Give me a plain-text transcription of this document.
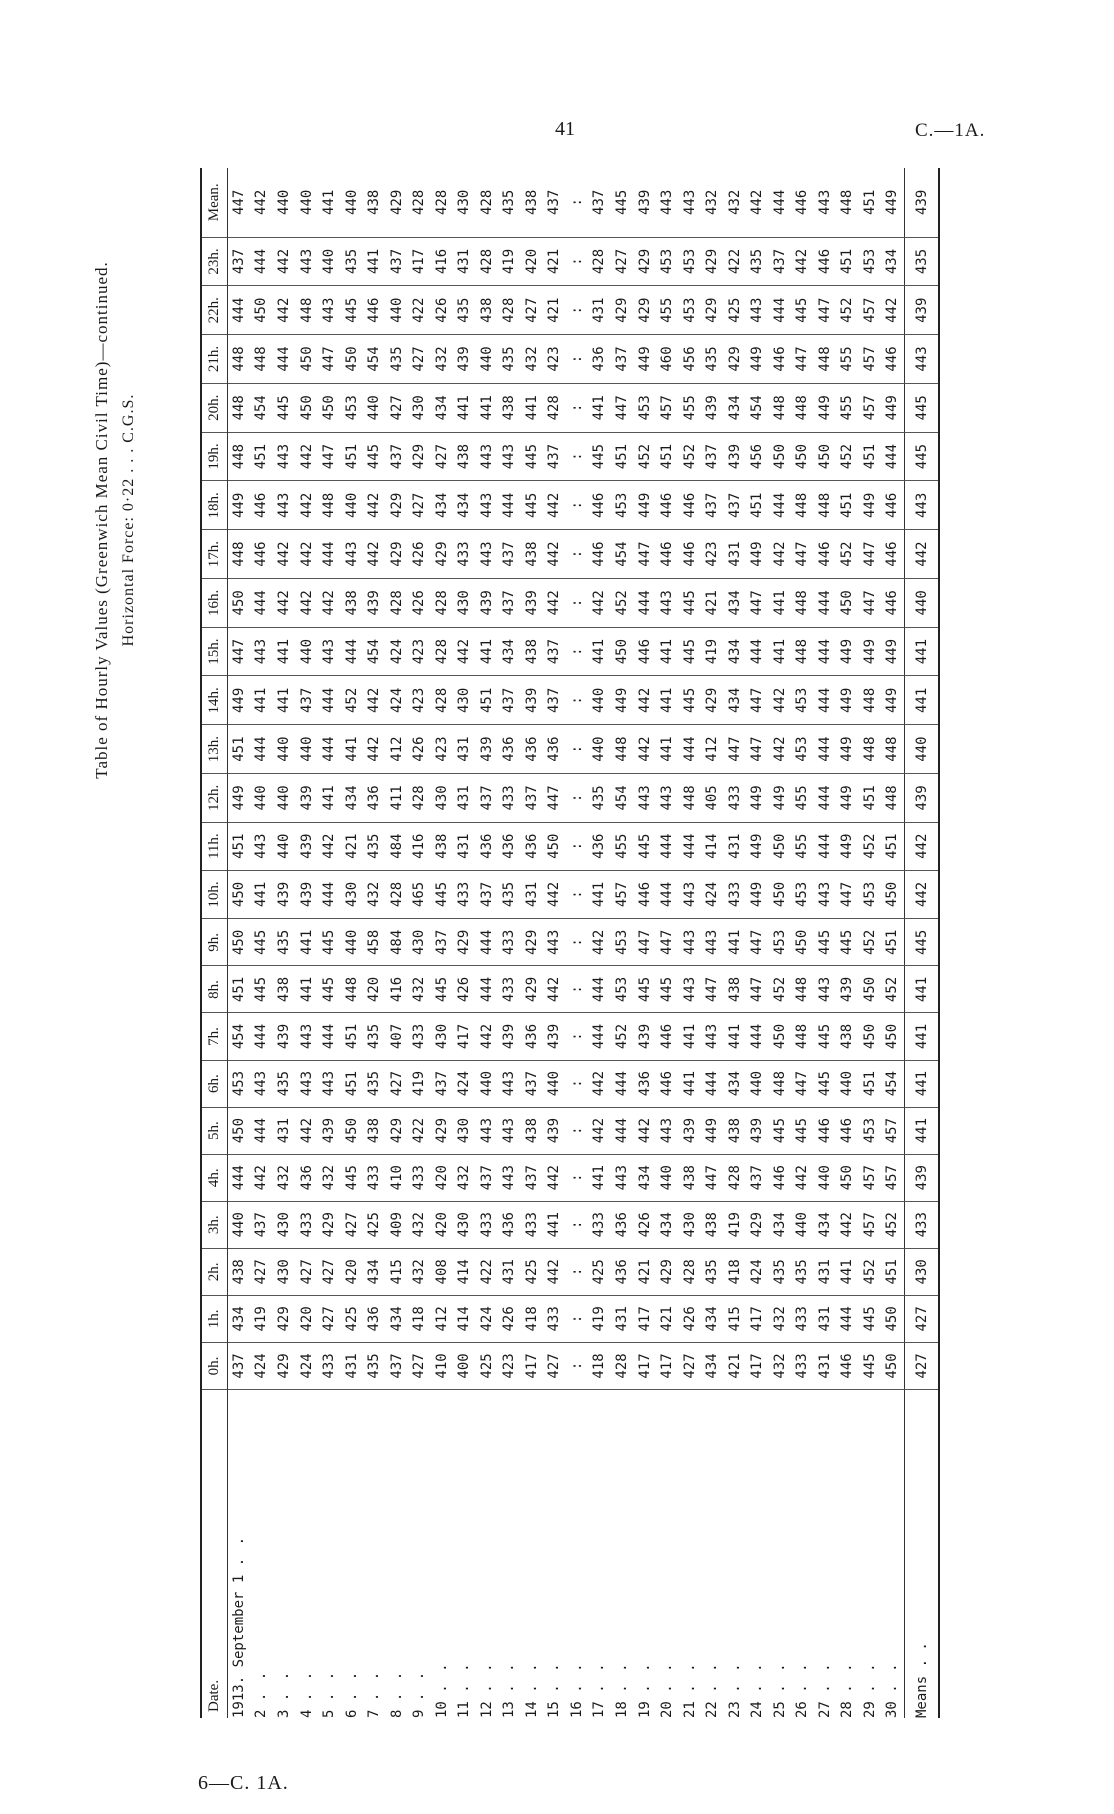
41	C.—1A.
Table of Hourly Values (Greenwich Mean Civil Time)—continued. Horizontal Force: 0·22 . . . C.G.S.
Date.	0h.	1h.	2h.	3h.	4h.	5h.	6h.	7h.	8h.	9h.	10h.	11h.	12h.	13h.	14h.	15h.	16h.	17h.	18h.	19h.	20h.	21h.	22h.	23h.	Mean.
1913. September 1 . .	437	434	438	440	444	450	453	454	451	450	450	451	449	451	449	447	450	448	449	448	448	448	444	437	447
2 . .	424	419	427	437	442	444	443	444	445	445	441	443	440	444	441	443	444	446	446	451	454	448	450	444	442
3 . .	429	429	430	430	432	431	435	439	438	435	439	440	440	440	441	441	442	442	443	443	445	444	442	442	440
4 . .	424	420	427	433	436	442	443	443	441	441	439	439	439	440	437	440	442	442	442	442	450	450	448	443	440
5 . .	433	427	427	429	432	439	443	444	445	445	444	442	441	444	444	443	442	444	448	447	450	447	443	440	441
6 . .	431	425	420	427	445	450	451	451	448	440	430	421	434	441	452	444	438	443	440	451	453	450	445	435	440
7 . .	435	436	434	425	433	438	435	435	420	458	432	435	436	442	442	454	439	442	442	445	440	454	446	441	438
8 . .	437	434	415	409	410	429	427	407	416	484	428	484	411	412	424	424	428	429	429	437	427	435	440	437	429
9 . .	427	418	432	432	433	422	419	433	432	430	465	416	428	426	423	423	426	426	427	429	430	427	422	417	428
10 . .	410	412	408	420	420	429	437	430	445	437	445	438	430	423	428	428	428	429	434	427	434	432	426	416	428
11 . .	400	414	414	430	432	430	424	417	426	429	433	431	431	431	430	442	430	433	434	438	441	439	435	431	430
12 . .	425	424	422	433	437	443	440	442	444	444	437	436	437	439	451	441	439	443	443	443	441	440	438	428	428
13 . .	423	426	431	436	443	443	443	439	433	433	435	436	433	436	437	434	437	437	444	443	438	435	428	419	435
14 . .	417	418	425	433	437	438	437	436	429	429	431	436	437	436	439	438	439	438	445	445	441	432	427	420	438
15 . .	427	433	442	441	442	439	440	439	442	443	442	450	447	436	437	437	442	442	442	437	428	423	421	421	437
16 . .	:	:	:	:	:	:	:	:	:	:	:	:	:	:	:	:	:	:	:	:	:	:	:	:	:
17 . .	418	419	425	433	441	442	442	444	444	442	441	436	435	440	440	441	442	446	446	445	441	436	431	428	437
18 . .	428	431	436	436	443	444	444	452	453	453	457	455	454	448	449	450	452	454	453	451	447	437	429	427	445
19 . .	417	417	421	426	434	442	436	439	445	447	446	445	443	442	442	446	444	447	449	452	453	449	429	429	439
20 . .	417	421	429	434	440	443	446	446	445	447	444	444	443	441	441	441	443	446	446	451	457	460	455	453	443
21 . .	427	426	428	430	438	439	441	441	443	443	443	444	448	444	445	445	445	446	446	452	455	456	453	453	443
22 . .	434	434	435	438	447	449	444	443	447	443	424	414	405	412	429	419	421	423	437	437	439	435	429	429	432
23 . .	421	415	418	419	428	438	434	441	438	441	433	431	433	447	434	434	434	431	437	439	434	429	425	422	432
24 . .	417	417	424	429	437	439	440	444	447	447	449	449	449	447	447	444	447	449	451	456	454	449	443	435	442
25 . .	432	432	435	434	446	445	448	450	452	453	450	450	449	442	442	441	441	442	444	450	448	446	444	437	444
26 . .	433	433	435	440	442	445	447	448	448	450	453	455	455	453	453	448	448	447	448	450	448	447	445	442	446
27 . .	431	431	431	434	440	446	445	445	443	445	443	444	444	444	444	444	444	446	448	450	449	448	447	446	443
28 . .	446	444	441	442	450	446	440	438	439	445	447	449	449	449	449	449	450	452	451	452	455	455	452	451	448
29 . .	445	445	452	457	457	453	451	450	450	452	453	452	451	448	448	449	447	447	449	451	457	457	457	453	451
30 . .	450	450	451	452	457	457	454	450	452	451	450	451	448	448	449	449	446	446	446	444	449	446	442	434	449
Means . .	427	427	430	433	439	441	441	441	441	445	442	442	439	440	441	441	440	442	443	445	445	443	439	435	439
6—C. 1A.
